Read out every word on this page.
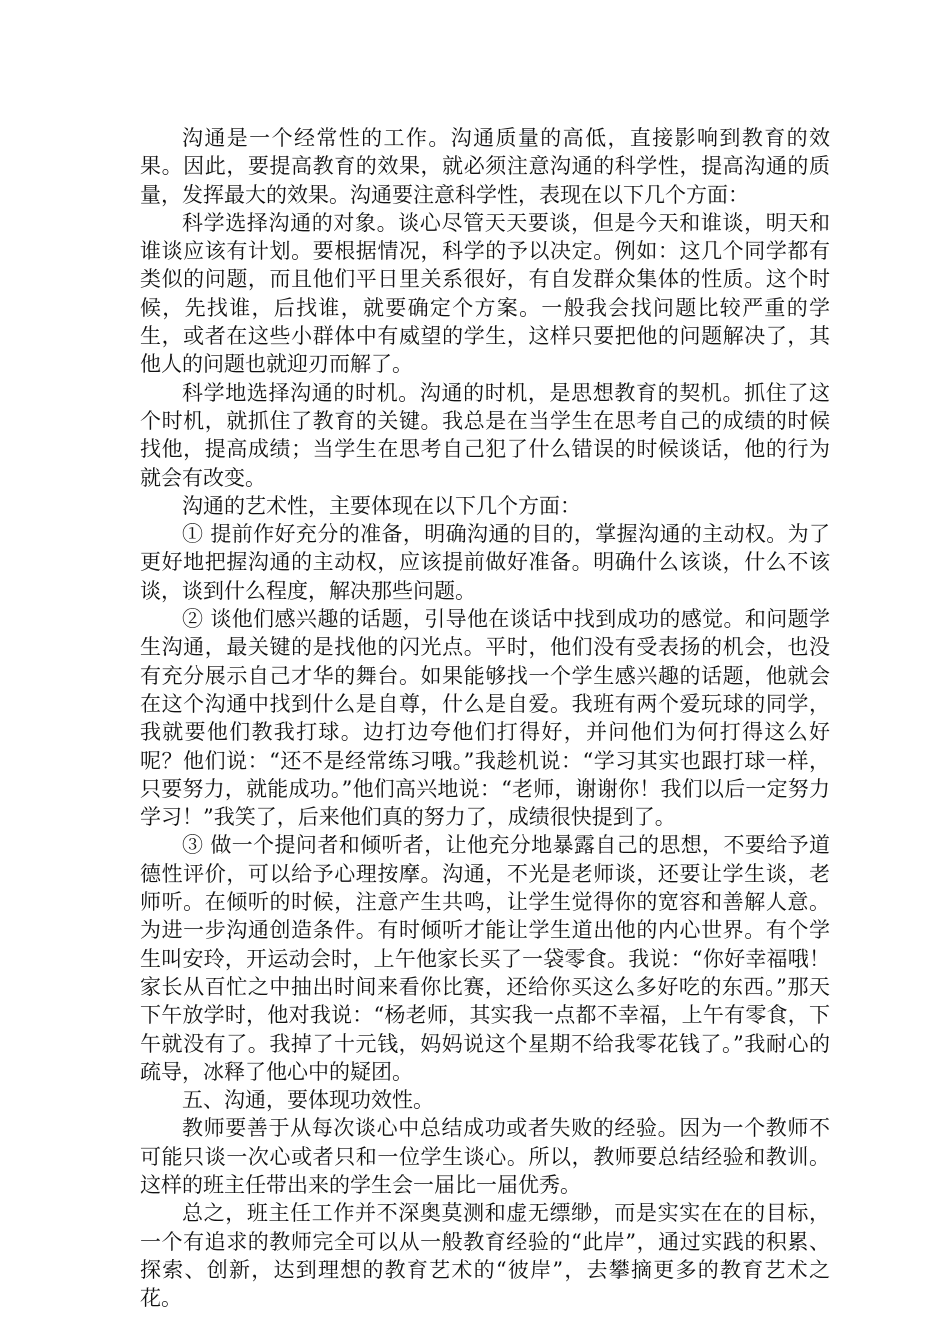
沟通是一个经常性的工作。沟通质量的高低，直接影响到教育的效果。因此，要提高教育的效果，就必须注意沟通的科学性，提高沟通的质量，发挥最大的效果。沟通要注意科学性，表现在以下几个方面：

科学选择沟通的对象。谈心尽管天天要谈，但是今天和谁谈，明天和谁谈应该有计划。要根据情况，科学的予以决定。例如：这几个同学都有类似的问题，而且他们平日里关系很好，有自发群众集体的性质。这个时候，先找谁，后找谁，就要确定个方案。一般我会找问题比较严重的学生，或者在这些小群体中有威望的学生，这样只要把他的问题解决了，其他人的问题也就迎刃而解了。

科学地选择沟通的时机。沟通的时机，是思想教育的契机。抓住了这个时机，就抓住了教育的关键。我总是在当学生在思考自己的成绩的时候找他，提高成绩；当学生在思考自己犯了什么错误的时候谈话，他的行为就会有改变。

沟通的艺术性，主要体现在以下几个方面：

① 提前作好充分的准备，明确沟通的目的，掌握沟通的主动权。为了更好地把握沟通的主动权，应该提前做好准备。明确什么该谈，什么不该谈，谈到什么程度，解决那些问题。

② 谈他们感兴趣的话题，引导他在谈话中找到成功的感觉。和问题学生沟通，最关键的是找他的闪光点。平时，他们没有受表扬的机会，也没有充分展示自己才华的舞台。如果能够找一个学生感兴趣的话题，他就会在这个沟通中找到什么是自尊，什么是自爱。我班有两个爱玩球的同学，我就要他们教我打球。边打边夸他们打得好，并问他们为何打得这么好呢？他们说：“还不是经常练习哦。”我趁机说：“学习其实也跟打球一样，只要努力，就能成功。”他们高兴地说：“老师，谢谢你！我们以后一定努力学习！”我笑了，后来他们真的努力了，成绩很快提到了。

③ 做一个提问者和倾听者，让他充分地暴露自己的思想，不要给予道德性评价，可以给予心理按摩。沟通，不光是老师谈，还要让学生谈，老师听。在倾听的时候，注意产生共鸣，让学生觉得你的宽容和善解人意。为进一步沟通创造条件。有时倾听才能让学生道出他的内心世界。有个学生叫安玲，开运动会时，上午他家长买了一袋零食。我说：“你好幸福哦！家长从百忙之中抽出时间来看你比赛，还给你买这么多好吃的东西。”那天下午放学时，他对我说：“杨老师，其实我一点都不幸福，上午有零食，下午就没有了。我掉了十元钱，妈妈说这个星期不给我零花钱了。”我耐心的疏导，冰释了他心中的疑团。

五、沟通，要体现功效性。

教师要善于从每次谈心中总结成功或者失败的经验。因为一个教师不可能只谈一次心或者只和一位学生谈心。所以，教师要总结经验和教训。这样的班主任带出来的学生会一届比一届优秀。

总之，班主任工作并不深奥莫测和虚无缥缈，而是实实在在的目标，一个有追求的教师完全可以从一般教育经验的“此岸”，通过实践的积累、探索、创新，达到理想的教育艺术的“彼岸”，去攀摘更多的教育艺术之花。
